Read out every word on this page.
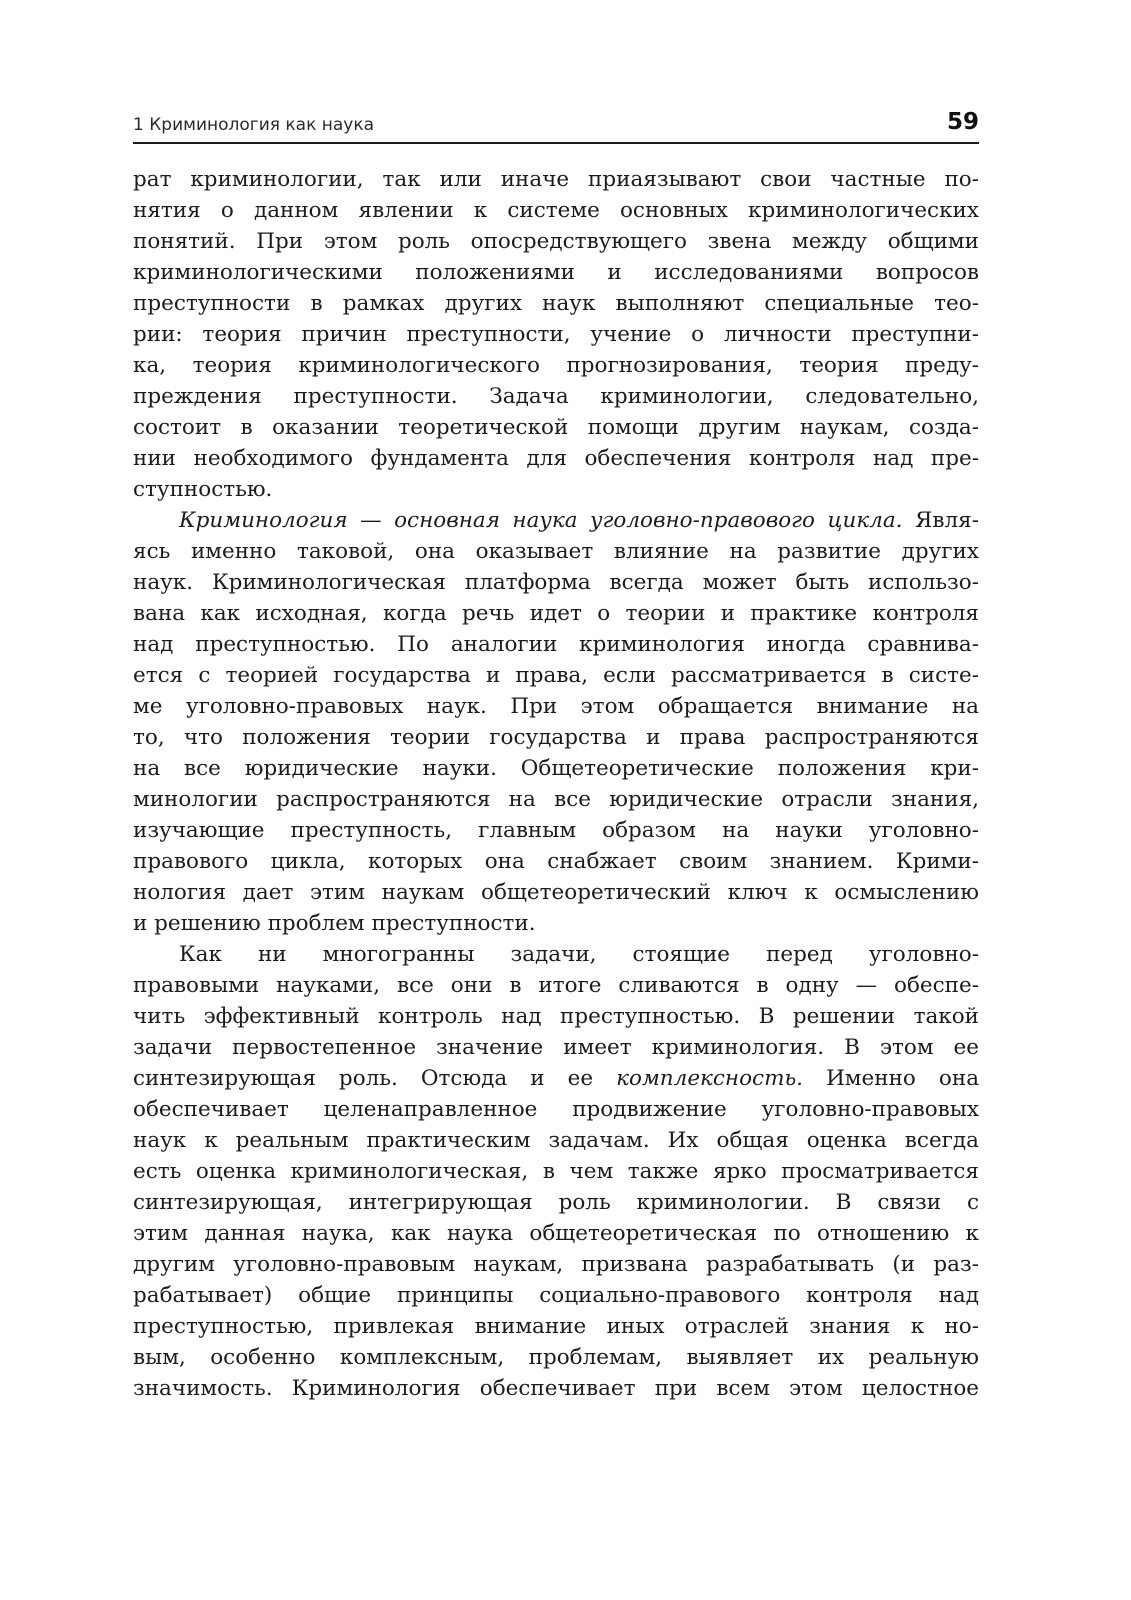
1 Криминология как наука	59
рат криминологии, так или иначе приаязывают свои частные по-
нятия о данном явлении к системе основных криминологических
понятий. При этом роль опосредствующего звена между общими
криминологическими положениями и исследованиями вопросов
преступности в рамках других наук выполняют специальные тео-
рии: теория причин преступности, учение о личности преступни-
ка, теория криминологического прогнозирования, теория преду-
преждения преступности. Задача криминологии, следовательно,
состоит в оказании теоретической помощи другим наукам, созда-
нии необходимого фундамента для обеспечения контроля над пре-
ступностью.
Криминология — основная наука уголовно-правового цикла. Явля-
ясь именно таковой, она оказывает влияние на развитие других
наук. Криминологическая платформа всегда может быть использо-
вана как исходная, когда речь идет о теории и практике контроля
над преступностью. По аналогии криминология иногда сравнива-
ется с теорией государства и права, если рассматривается в систе-
ме уголовно-правовых наук. При этом обращается внимание на
то, что положения теории государства и права распространяются
на все юридические науки. Общетеоретические положения кри-
минологии распространяются на все юридические отрасли знания,
изучающие преступность, главным образом на науки уголовно-
правового цикла, которых она снабжает своим знанием. Крими-
нология дает этим наукам общетеоретический ключ к осмыслению
и решению проблем преступности.
Как ни многогранны задачи, стоящие перед уголовно-
правовыми науками, все они в итоге сливаются в одну — обеспе-
чить эффективный контроль над преступностью. В решении такой
задачи первостепенное значение имеет криминология. В этом ее
синтезирующая роль. Отсюда и ее комплексность. Именно она
обеспечивает целенаправленное продвижение уголовно-правовых
наук к реальным практическим задачам. Их общая оценка всегда
есть оценка криминологическая, в чем также ярко просматривается
синтезирующая, интегрирующая роль криминологии. В связи с
этим данная наука, как наука общетеоретическая по отношению к
другим уголовно-правовым наукам, призвана разрабатывать (и раз-
рабатывает) общие принципы социально-правового контроля над
преступностью, привлекая внимание иных отраслей знания к но-
вым, особенно комплексным, проблемам, выявляет их реальную
значимость. Криминология обеспечивает при всем этом целостное
